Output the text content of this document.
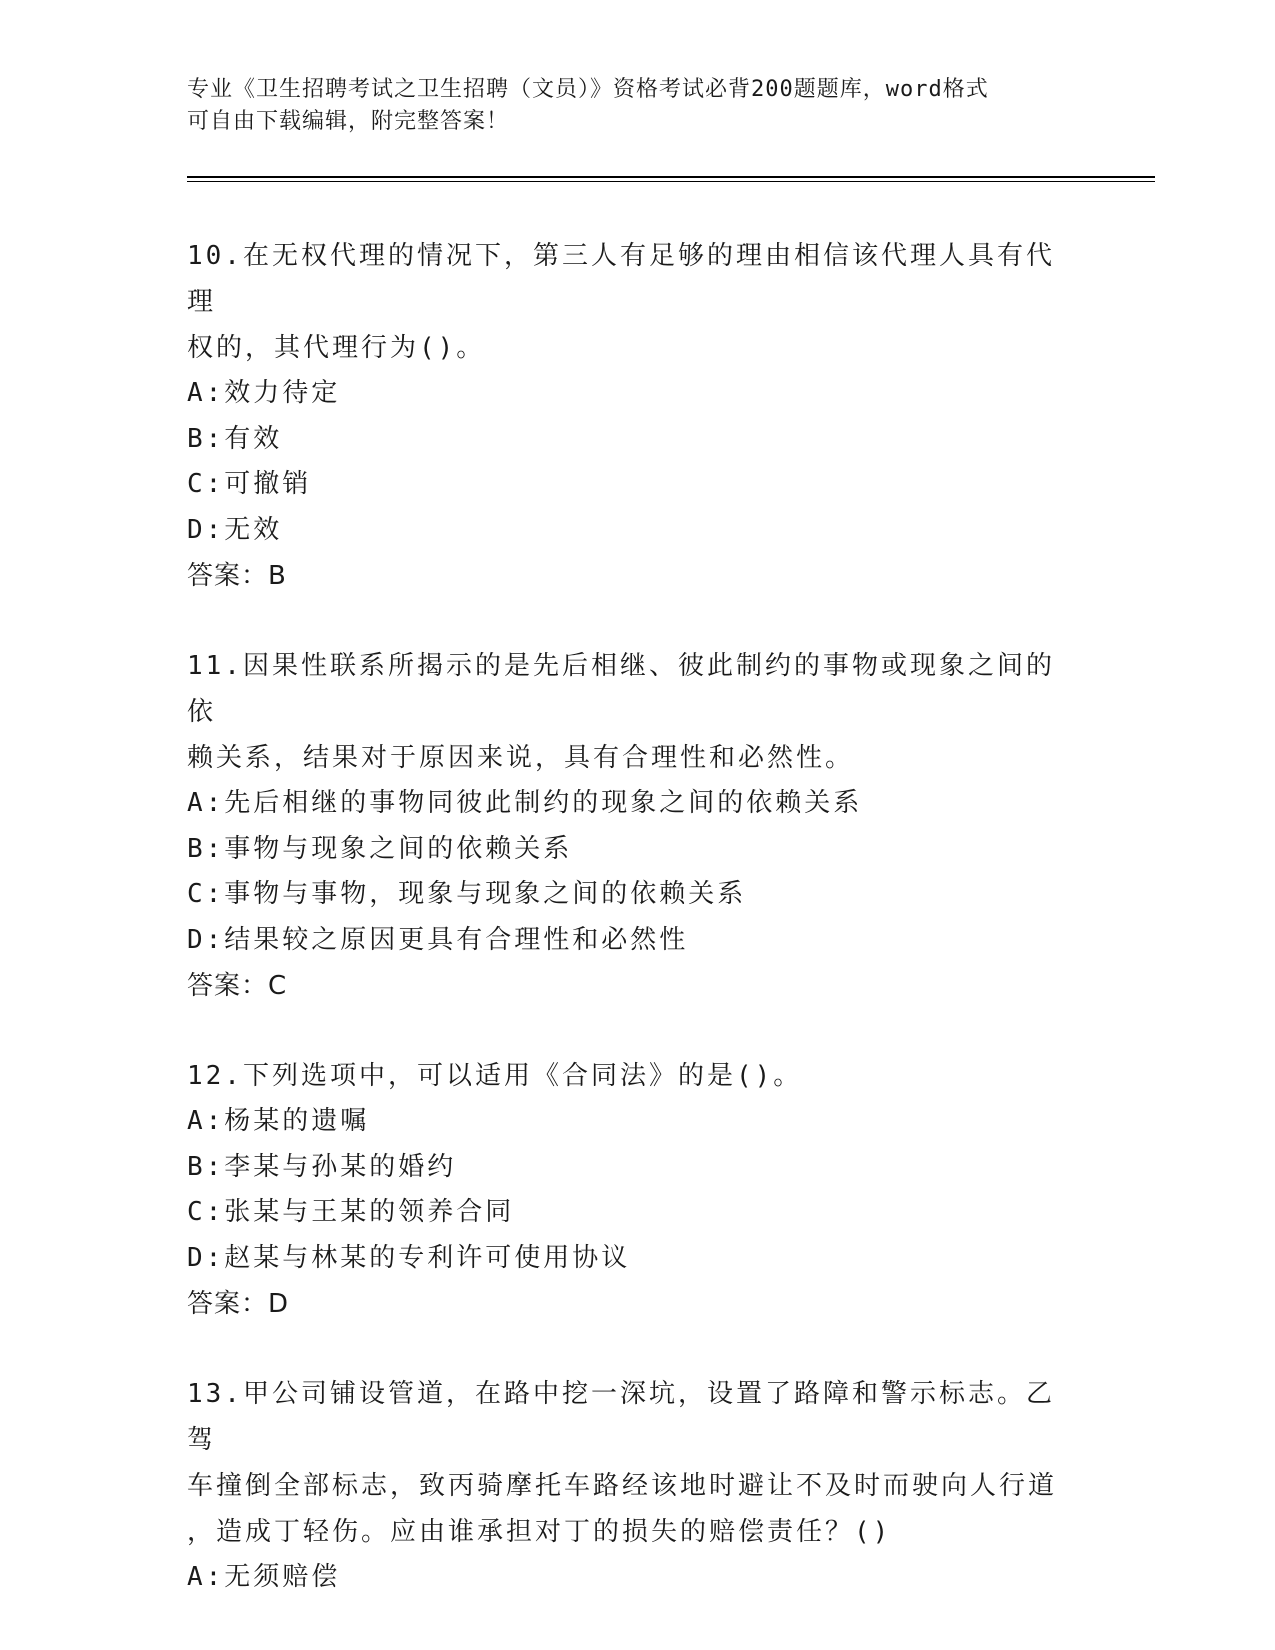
专业《卫生招聘考试之卫生招聘（文员）》资格考试必背200题题库，word格式
可自由下载编辑，附完整答案！

10.在无权代理的情况下，第三人有足够的理由相信该代理人具有代理

权的，其代理行为()。

A:效力待定

B:有效

C:可撤销

D:无效

答案：B

11.因果性联系所揭示的是先后相继、彼此制约的事物或现象之间的依

赖关系，结果对于原因来说，具有合理性和必然性。

A:先后相继的事物同彼此制约的现象之间的依赖关系

B:事物与现象之间的依赖关系

C:事物与事物，现象与现象之间的依赖关系

D:结果较之原因更具有合理性和必然性

答案：C

12.下列选项中，可以适用《合同法》的是()。

A:杨某的遗嘱

B:李某与孙某的婚约

C:张某与王某的领养合同

D:赵某与林某的专利许可使用协议

答案：D

13.甲公司铺设管道，在路中挖一深坑，设置了路障和警示标志。乙驾

车撞倒全部标志，致丙骑摩托车路经该地时避让不及时而驶向人行道

，造成丁轻伤。应由谁承担对丁的损失的赔偿责任？()

A:无须赔偿
